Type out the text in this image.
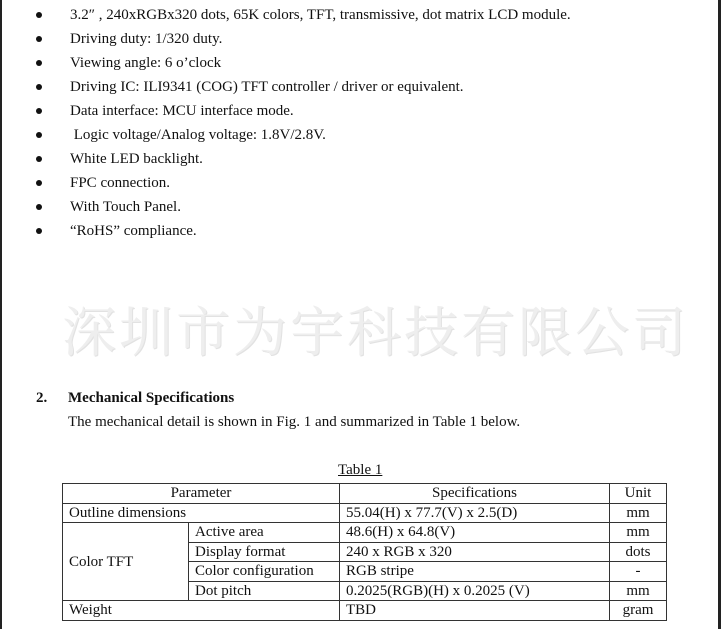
3.2″ , 240xRGBx320 dots, 65K colors, TFT, transmissive, dot matrix LCD module.
Driving duty: 1/320 duty.
Viewing angle: 6 o’clock
Driving IC: ILI9341 (COG) TFT controller / driver or equivalent.
Data interface: MCU interface mode.
Logic voltage/Analog voltage: 1.8V/2.8V.
White LED backlight.
FPC connection.
With Touch Panel.
“RoHS” compliance.
深圳市为宇科技有限公司
2. Mechanical Specifications
The mechanical detail is shown in Fig. 1 and summarized in Table 1 below.
Table 1
Parameter		Specifications	Unit
Outline dimensions		55.04(H) x 77.7(V) x 2.5(D)	mm
Color TFT	Active area	48.6(H) x 64.8(V)	mm
	Display format	240 x RGB x 320	dots
	Color configuration	RGB stripe	-
	Dot pitch	0.2025(RGB)(H) x 0.2025 (V)	mm
Weight		TBD	gram
